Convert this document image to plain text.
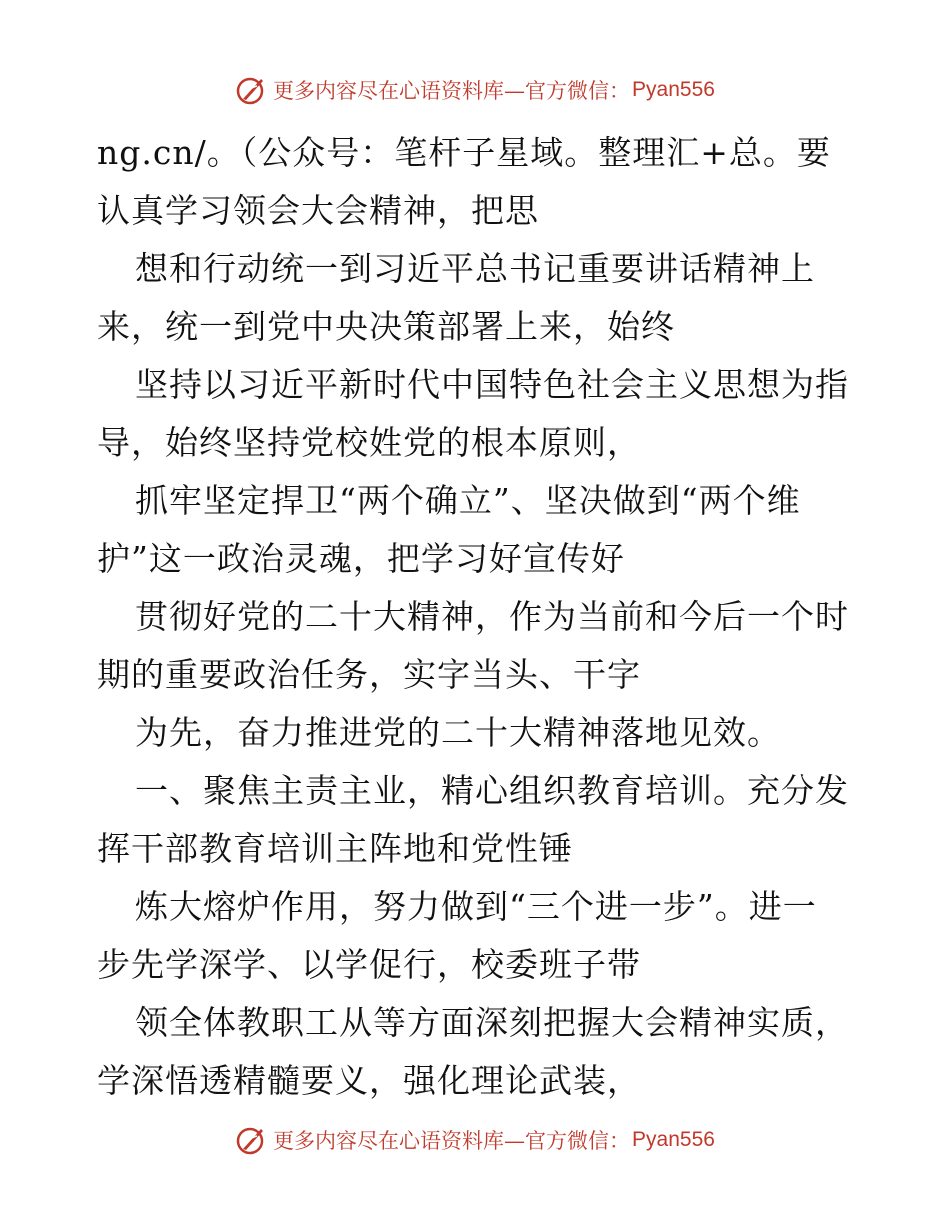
更多内容尽在心语资料库—官方微信： Pyan556
ng.cn/。（公众号：笔杆子星域。整理汇+总。要
认真学习领会大会精神，把思
想和行动统一到习近平总书记重要讲话精神上
来，统一到党中央决策部署上来，始终
坚持以习近平新时代中国特色社会主义思想为指
导，始终坚持党校姓党的根本原则，
抓牢坚定捍卫“两个确立”、坚决做到“两个维
护”这一政治灵魂，把学习好宣传好
贯彻好党的二十大精神，作为当前和今后一个时
期的重要政治任务，实字当头、干字
为先，奋力推进党的二十大精神落地见效。
一、聚焦主责主业，精心组织教育培训。充分发
挥干部教育培训主阵地和党性锤
炼大熔炉作用，努力做到“三个进一步”。进一
步先学深学、以学促行，校委班子带
领全体教职工从等方面深刻把握大会精神实质，
学深悟透精髓要义，强化理论武装，
更多内容尽在心语资料库—官方微信： Pyan556
